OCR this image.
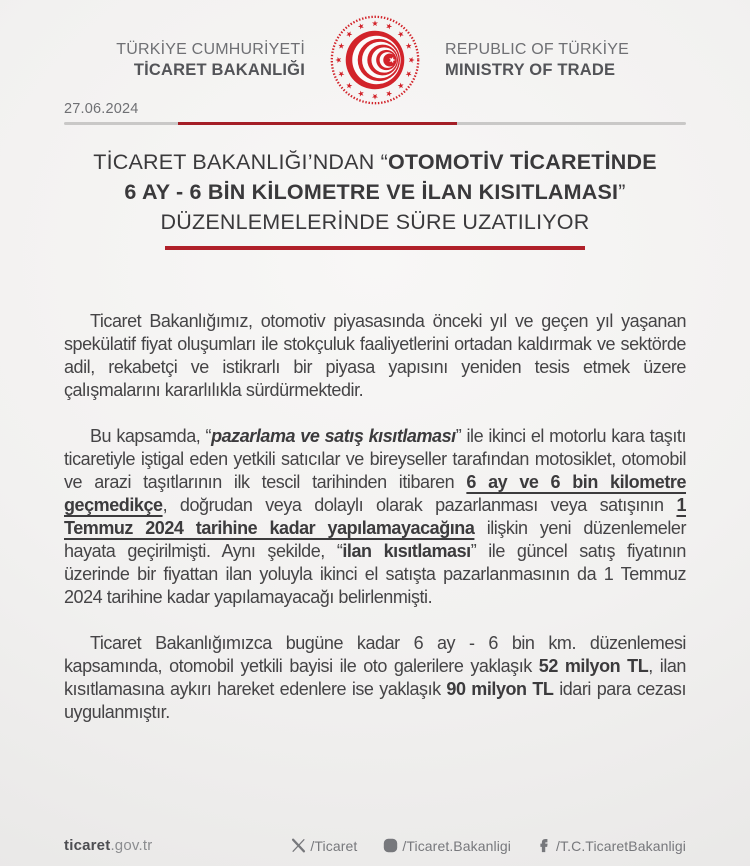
TÜRKİYE CUMHURİYETİ
TİCARET BAKANLIĞI
REPUBLIC OF TÜRKİYE
MINISTRY OF TRADE
27.06.2024
TİCARET BAKANLIĞI’NDAN “OTOMOTİV TİCARETİNDE
6 AY - 6 BİN KİLOMETRE VE İLAN KISITLAMASI”
DÜZENLEMELERİNDE SÜRE UZATILIYOR

Ticaret Bakanlığımız, otomotiv piyasasında önceki yıl ve geçen yıl yaşanan spekülatif fiyat oluşumları ile stokçuluk faaliyetlerini ortadan kaldırmak ve sektörde adil, rekabetçi ve istikrarlı bir piyasa yapısını yeniden tesis etmek üzere çalışmalarını kararlılıkla sürdürmektedir.

Bu kapsamda, “pazarlama ve satış kısıtlaması” ile ikinci el motorlu kara taşıtı ticaretiyle iştigal eden yetkili satıcılar ve bireyseller tarafından motosiklet, otomobil ve arazi taşıtlarının ilk tescil tarihinden itibaren 6 ay ve 6 bin kilometre geçmedikçe, doğrudan veya dolaylı olarak pazarlanması veya satışının 1 Temmuz 2024 tarihine kadar yapılamayacağına ilişkin yeni düzenlemeler hayata geçirilmişti. Aynı şekilde, “ilan kısıtlaması” ile güncel satış fiyatının üzerinde bir fiyattan ilan yoluyla ikinci el satışta pazarlanmasının da 1 Temmuz 2024 tarihine kadar yapılamayacağı belirlenmişti.

Ticaret Bakanlığımızca bugüne kadar 6 ay - 6 bin km. düzenlemesi kapsamında, otomobil yetkili bayisi ile oto galerilere yaklaşık 52 milyon TL, ilan kısıtlamasına aykırı hareket edenlere ise yaklaşık 90 milyon TL idari para cezası uygulanmıştır.

ticaret.gov.tr	/Ticaret	/Ticaret.Bakanligi	/T.C.TicaretBakanligi
